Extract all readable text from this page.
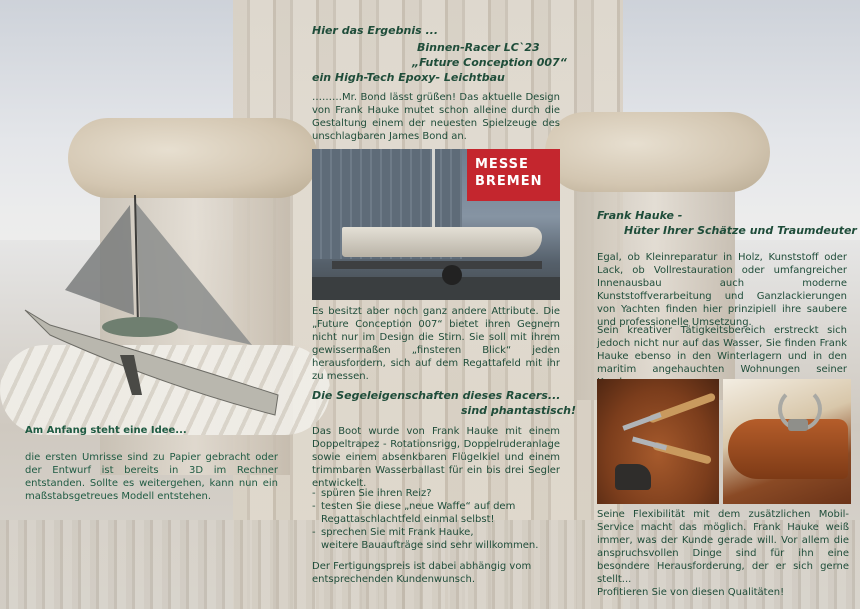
Am Anfang steht eine Idee...
die ersten Umrisse sind zu Papier gebracht oder der Entwurf ist bereits in 3D im Rechner entstanden. Sollte es weitergehen, kann nun ein maßstabsgetreues Modell entstehen.
Hier das Ergebnis ...
Binnen-Racer LC`23
„Future Conception 007“
ein High-Tech Epoxy- Leichtbau
………Mr. Bond lässt grüßen! Das aktuelle Design von Frank Hauke mutet schon alleine durch die Gestaltung einem der neuesten Spielzeuge des unschlagbaren James Bond an.
MESSE
BREMEN
Es besitzt aber noch ganz andere Attribute. Die „Future Conception 007“ bietet ihren Gegnern nicht nur im Design die Stirn. Sie soll mit ihrem gewissermaßen „finsteren Blick“ jeden herausfordern, sich auf dem Regattafeld mit ihr zu messen.
Die Segeleigenschaften dieses Racers...
sind phantastisch!
Das Boot wurde von Frank Hauke mit einem Doppeltrapez - Rotationsrigg, Doppelruderanlage sowie einem absenkbaren Flügelkiel und einem trimmbaren Wasserballast für ein bis drei Segler entwickelt.
- spüren Sie ihren Reiz?
- testen Sie diese „neue Waffe“ auf dem
Regattaschlachtfeld einmal selbst!
- sprechen Sie mit Frank Hauke,
weitere Bauaufträge sind sehr willkommen.
Der Fertigungspreis ist dabei abhängig vom entsprechenden Kundenwunsch.
Frank Hauke -
Hüter Ihrer Schätze und Traumdeuter
Egal, ob Kleinreparatur in Holz, Kunststoff oder Lack, ob Vollrestauration oder umfangreicher Innenausbau auch moderne Kunststoffverarbeitung und Ganzlackierungen von Yachten finden hier prinzipiell ihre saubere und professionelle Umsetzung.
Sein kreativer Tätigkeitsbereich erstreckt sich jedoch nicht nur auf das Wasser, Sie finden Frank Hauke ebenso in den Winterlagern und in den maritim angehauchten Wohnungen seiner
Seine Flexibilität mit dem zusätzlichen Mobil-Service macht das möglich. Frank Hauke weiß immer, was der Kunde gerade will. Vor allem die anspruchsvollen Dinge sind für ihn eine besondere Herausforderung, der er sich gerne stellt...
Profitieren Sie von diesen Qualitäten!
